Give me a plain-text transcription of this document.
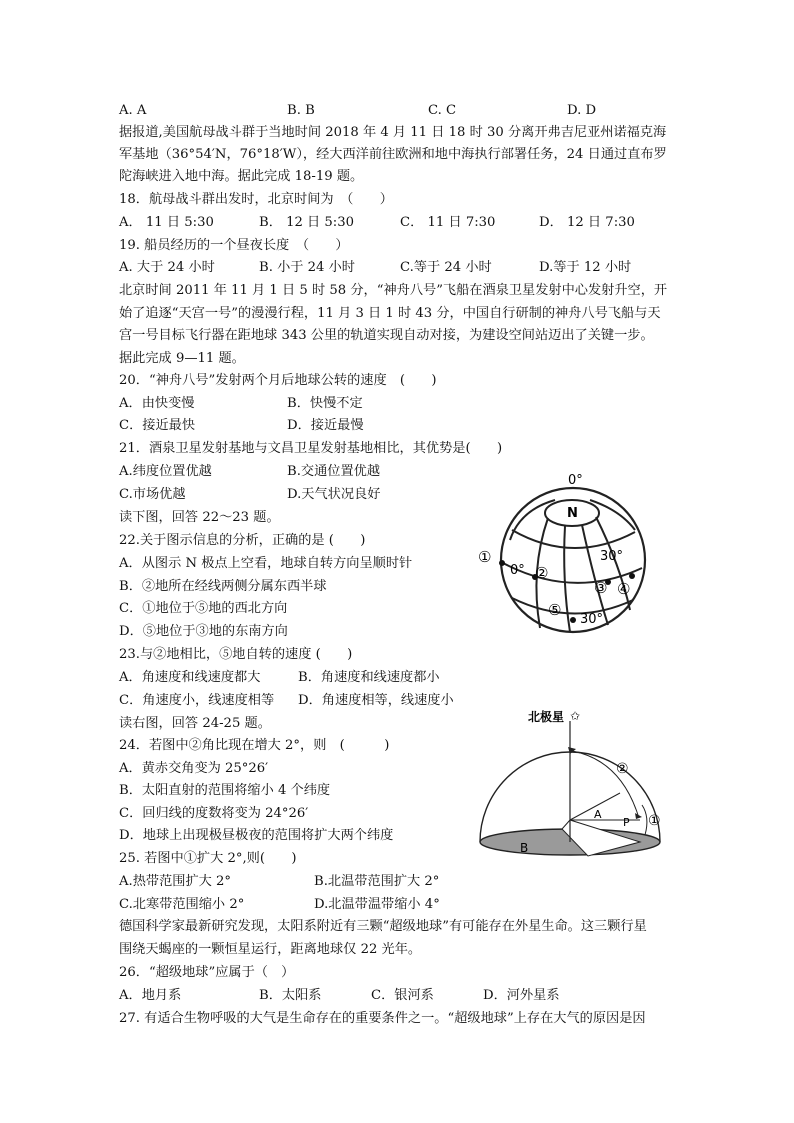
A. A	B. B	C. C	D. D
据报道,美国航母战斗群于当地时间 2018 年 4 月 11 日 18 时 30 分离开弗吉尼亚州诺福克海
军基地（36°54′N，76°18′W），经大西洋前往欧洲和地中海执行部署任务，24 日通过直布罗
陀海峡进入地中海。据此完成 18-19 题。
18．航母战斗群出发时，北京时间为　（　　）
A． 11 日 5:30	B． 12 日 5:30	C． 11 日 7:30	D． 12 日 7:30
19. 船员经历的一个昼夜长度　（　　）
A. 大于 24 小时	B. 小于 24 小时	C.等于 24 小时	D.等于 12 小时
北京时间 2011 年 11 月 1 日 5 时 58 分，“神舟八号”飞船在酒泉卫星发射中心发射升空，开
始了追逐“天宫一号”的漫漫行程，11 月 3 日 1 时 43 分，中国自行研制的神舟八号飞船与天
宫一号目标飞行器在距地球 343 公里的轨道实现自动对接，为建设空间站迈出了关键一步。
据此完成 9—11 题。
20．“神舟八号”发射两个月后地球公转的速度　(　　)
A．由快变慢	B．快慢不定
C．接近最快	D．接近最慢
21．酒泉卫星发射基地与文昌卫星发射基地相比，其优势是(　　)
A.纬度位置优越	B.交通位置优越
C.市场优越	D.天气状况良好
读下图，回答 22～23 题。
22.关于图示信息的分析，正确的是 (　　)
A．从图示 N 极点上空看，地球自转方向呈顺时针
B．②地所在经线两侧分属东西半球
C．①地位于⑤地的西北方向
D．⑤地位于③地的东南方向
23.与②地相比，⑤地自转的速度 (　　)
A．角速度和线速度都大	B．角速度和线速度都小
C．角速度小，线速度相等 D．角速度相等，线速度小
读右图，回答 24-25 题。
24．若图中②角比现在增大 2°，则　(　　　)
A．黄赤交角变为 25°26′
B．太阳直射的范围将缩小 4 个纬度
C．回归线的度数将变为 24°26′
D．地球上出现极昼极夜的范围将扩大两个纬度
25. 若图中①扩大 2°,则(　　)
A.热带范围扩大 2°	B.北温带范围扩大 2°
C.北寒带范围缩小 2°	D.北温带温带缩小 4°
德国科学家最新研究发现，太阳系附近有三颗“超级地球”有可能存在外星生命。这三颗行星
围绕天蝎座的一颗恒星运行，距离地球仅 22 光年。
26．“超级地球”应属于（　）
A．地月系	B．太阳系	C．银河系	D．河外星系
27. 有适合生物呼吸的大气是生命存在的重要条件之一。“超级地球”上存在大气的原因是因
0°
N
30°
0°
30°
①
②
③ ④
⑤
北极星 ✩
②
①
A
P
B
